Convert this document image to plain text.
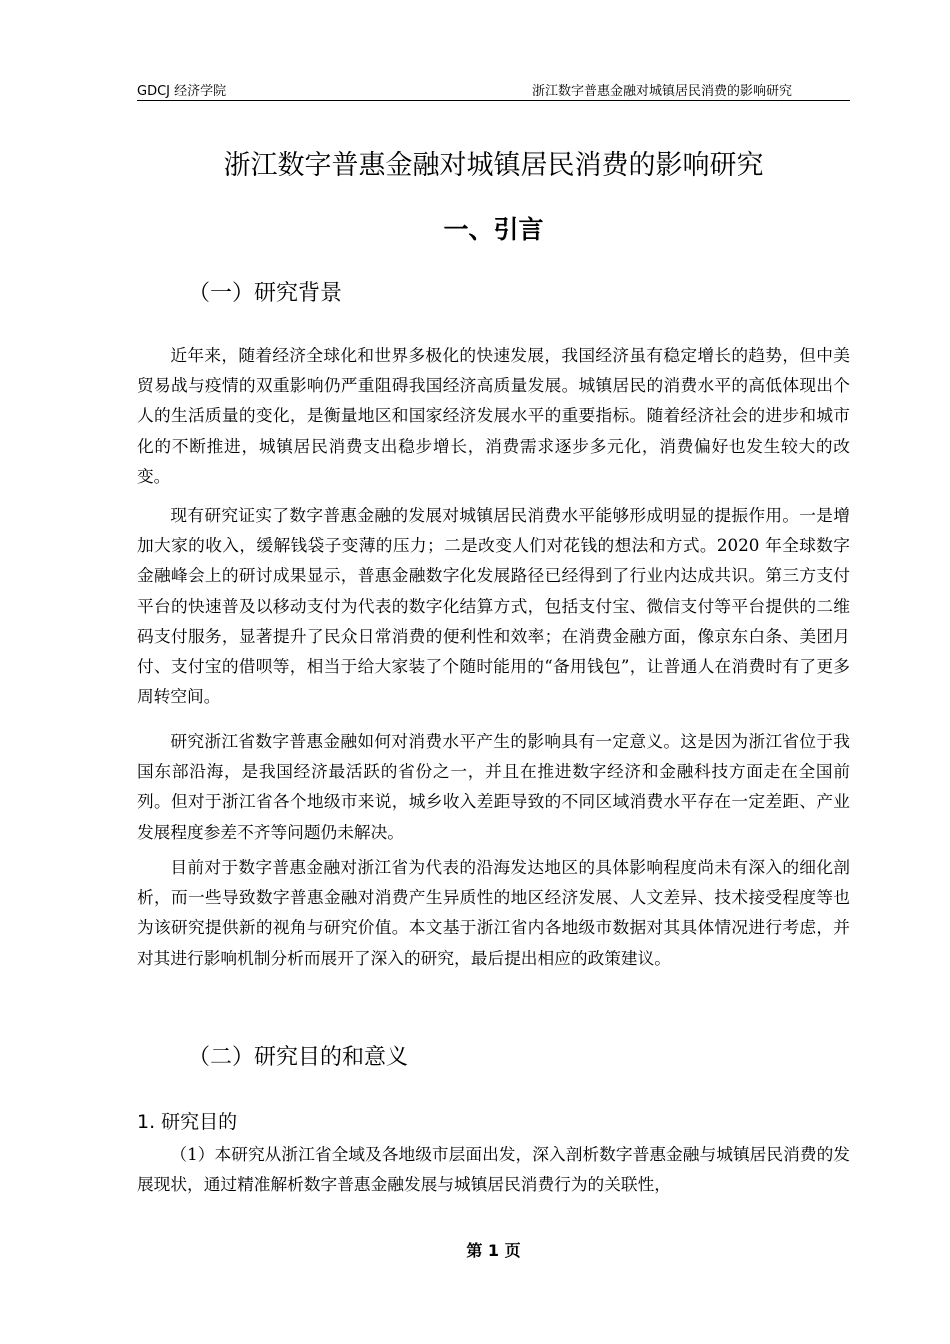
GDCJ 经济学院	浙江数字普惠金融对城镇居民消费的影响研究
浙江数字普惠金融对城镇居民消费的影响研究
一、引言
（一）研究背景

近年来，随着经济全球化和世界多极化的快速发展，我国经济虽有稳定增长的趋势，但中美贸易战与疫情的双重影响仍严重阻碍我国经济高质量发展。城镇居民的消费水平的高低体现出个人的生活质量的变化，是衡量地区和国家经济发展水平的重要指标。随着经济社会的进步和城市化的不断推进，城镇居民消费支出稳步增长，消费需求逐步多元化，消费偏好也发生较大的改变。

现有研究证实了数字普惠金融的发展对城镇居民消费水平能够形成明显的提振作用。一是增加大家的收入，缓解钱袋子变薄的压力；二是改变人们对花钱的想法和方式。2020 年全球数字金融峰会上的研讨成果显示，普惠金融数字化发展路径已经得到了行业内达成共识。第三方支付平台的快速普及以移动支付为代表的数字化结算方式，包括支付宝、微信支付等平台提供的二维码支付服务，显著提升了民众日常消费的便利性和效率；在消费金融方面，像京东白条、美团月付、支付宝的借呗等，相当于给大家装了个随时能用的“备用钱包”，让普通人在消费时有了更多周转空间。

研究浙江省数字普惠金融如何对消费水平产生的影响具有一定意义。这是因为浙江省位于我国东部沿海，是我国经济最活跃的省份之一，并且在推进数字经济和金融科技方面走在全国前列。但对于浙江省各个地级市来说，城乡收入差距导致的不同区域消费水平存在一定差距、产业发展程度参差不齐等问题仍未解决。

目前对于数字普惠金融对浙江省为代表的沿海发达地区的具体影响程度尚未有深入的细化剖析，而一些导致数字普惠金融对消费产生异质性的地区经济发展、人文差异、技术接受程度等也为该研究提供新的视角与研究价值。本文基于浙江省内各地级市数据对其具体情况进行考虑，并对其进行影响机制分析而展开了深入的研究，最后提出相应的政策建议。

（二）研究目的和意义
1. 研究目的

（1）本研究从浙江省全域及各地级市层面出发，深入剖析数字普惠金融与城镇居民消费的发展现状，通过精准解析数字普惠金融发展与城镇居民消费行为的关联性，

第 1 页
